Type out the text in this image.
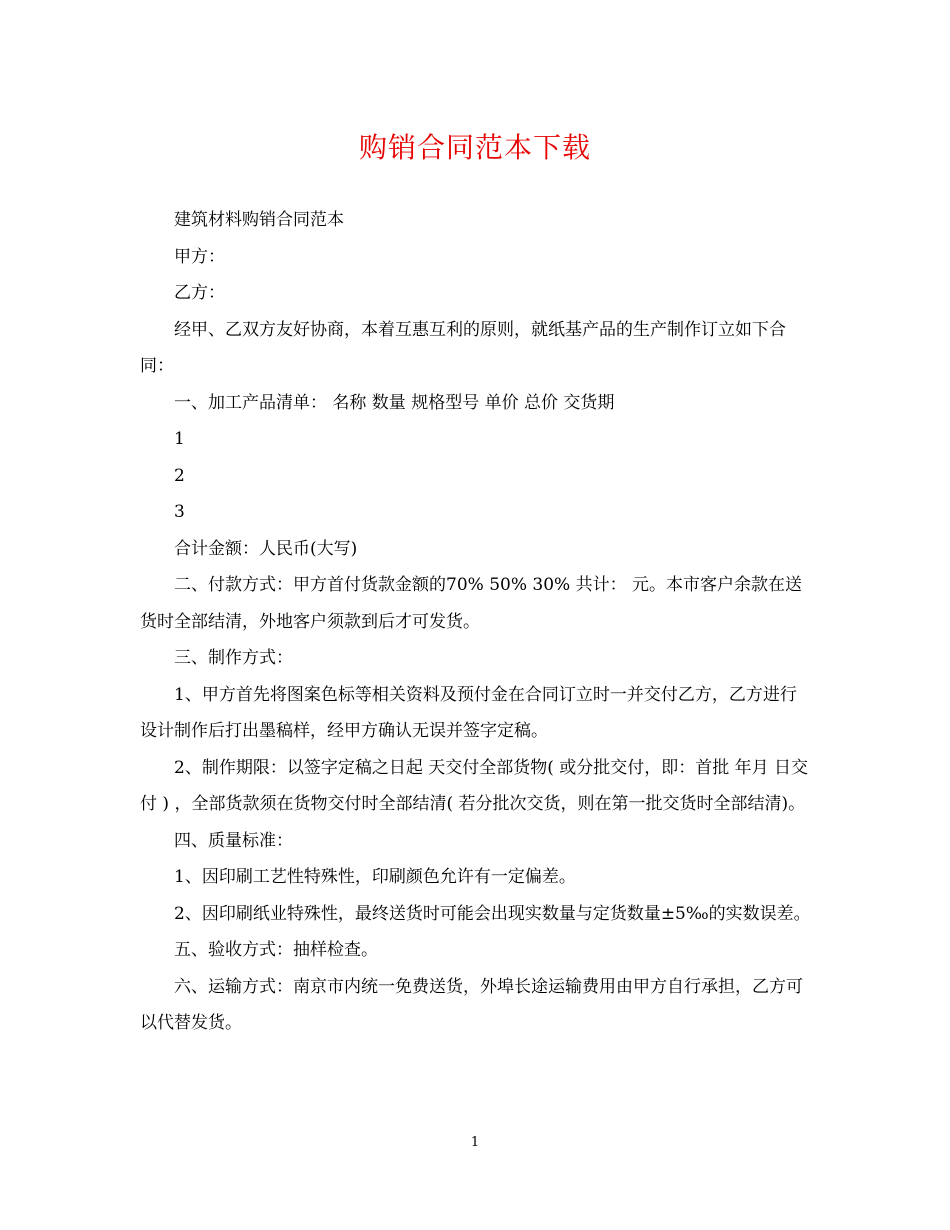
购销合同范本下载

建筑材料购销合同范本

甲方：

乙方：

经甲、乙双方友好协商，本着互惠互利的原则，就纸基产品的生产制作订立如下合同：

一、加工产品清单： 名称 数量 规格型号 单价 总价 交货期

1

2

3

合计金额：人民币(大写)

二、付款方式：甲方首付货款金额的70% 50% 30% 共计： 元。本市客户余款在送货时全部结清，外地客户须款到后才可发货。

三、制作方式：

1、甲方首先将图案色标等相关资料及预付金在合同订立时一并交付乙方，乙方进行设计制作后打出墨稿样，经甲方确认无误并签字定稿。

2、制作期限：以签字定稿之日起 天交付全部货物( 或分批交付，即：首批 年月 日交付 ) ，全部货款须在货物交付时全部结清( 若分批次交货，则在第一批交货时全部结清)。

四、质量标准：

1、因印刷工艺性特殊性，印刷颜色允许有一定偏差。

2、因印刷纸业特殊性，最终送货时可能会出现实数量与定货数量±5‰的实数误差。

五、验收方式：抽样检查。

六、运输方式：南京市内统一免费送货，外埠长途运输费用由甲方自行承担，乙方可以代替发货。

1
